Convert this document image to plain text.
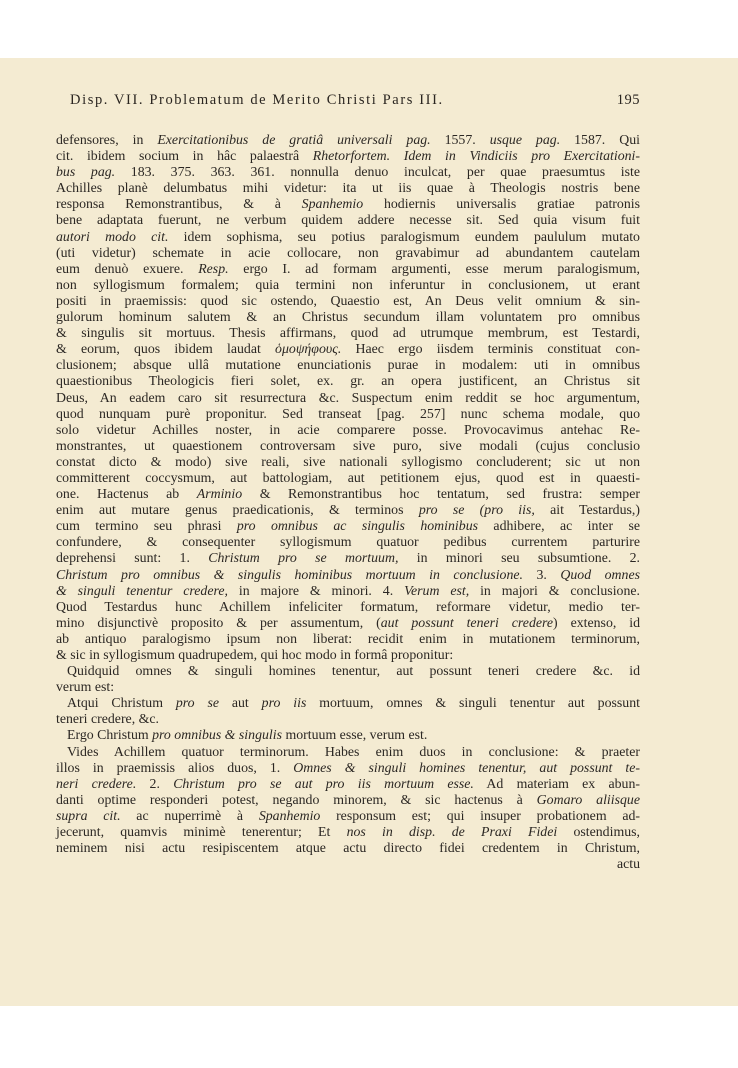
Disp. VII. Problematum de Merito Christi Pars III.	195
defensores, in Exercitationibus de gratiâ universali pag. 1557. usque pag. 1587. Qui
cit. ibidem socium in hâc palaestrâ Rhetorfortem. Idem in Vindiciis pro Exercitationi-
bus pag. 183. 375. 363. 361. nonnulla denuo inculcat, per quae praesumtus iste
Achilles planè delumbatus mihi videtur: ita ut iis quae à Theologis nostris bene
responsa Remonstrantibus, & à Spanhemio hodiernis universalis gratiae patronis
bene adaptata fuerunt, ne verbum quidem addere necesse sit. Sed quia visum fuit
autori modo cit. idem sophisma, seu potius paralogismum eundem paululum mutato
(uti videtur) schemate in acie collocare, non gravabimur ad abundantem cautelam
eum denuò exuere. Resp. ergo I. ad formam argumenti, esse merum paralogismum,
non syllogismum formalem; quia termini non inferuntur in conclusionem, ut erant
positi in praemissis: quod sic ostendo, Quaestio est, An Deus velit omnium & sin-
gulorum hominum salutem & an Christus secundum illam voluntatem pro omnibus
& singulis sit mortuus. Thesis affirmans, quod ad utrumque membrum, est Testardi,
& eorum, quos ibidem laudat ὁμοψήφους. Haec ergo iisdem terminis constituat con-
clusionem; absque ullâ mutatione enunciationis purae in modalem: uti in omnibus
quaestionibus Theologicis fieri solet, ex. gr. an opera justificent, an Christus sit
Deus, An eadem caro sit resurrectura &c. Suspectum enim reddit se hoc argumentum,
quod nunquam purè proponitur. Sed transeat [pag. 257] nunc schema modale, quo
solo videtur Achilles noster, in acie comparere posse. Provocavimus antehac Re-
monstrantes, ut quaestionem controversam sive puro, sive modali (cujus conclusio
constat dicto & modo) sive reali, sive nationali syllogismo concluderent; sic ut non
committerent coccysmum, aut battologiam, aut petitionem ejus, quod est in quaesti-
one. Hactenus ab Arminio & Remonstrantibus hoc tentatum, sed frustra: semper
enim aut mutare genus praedicationis, & terminos pro se (pro iis, ait Testardus,)
cum termino seu phrasi pro omnibus ac singulis hominibus adhibere, ac inter se
confundere, & consequenter syllogismum quatuor pedibus currentem parturire
deprehensi sunt: 1. Christum pro se mortuum, in minori seu subsumtione. 2.
Christum pro omnibus & singulis hominibus mortuum in conclusione. 3. Quod omnes
& singuli tenentur credere, in majore & minori. 4. Verum est, in majori & conclusione.
Quod Testardus hunc Achillem infeliciter formatum, reformare videtur, medio ter-
mino disjunctivè proposito & per assumentum, (aut possunt teneri credere) extenso, id
ab antiquo paralogismo ipsum non liberat: recidit enim in mutationem terminorum,
& sic in syllogismum quadrupedem, qui hoc modo in formâ proponitur:
Quidquid omnes & singuli homines tenentur, aut possunt teneri credere &c. id
verum est:
Atqui Christum pro se aut pro iis mortuum, omnes & singuli tenentur aut possunt
teneri credere, &c.
Ergo Christum pro omnibus & singulis mortuum esse, verum est.
Vides Achillem quatuor terminorum. Habes enim duos in conclusione: & praeter
illos in praemissis alios duos, 1. Omnes & singuli homines tenentur, aut possunt te-
neri credere. 2. Christum pro se aut pro iis mortuum esse. Ad materiam ex abun-
danti optime responderi potest, negando minorem, & sic hactenus à Gomaro aliisque
supra cit. ac nuperrimè à Spanhemio responsum est; qui insuper probationem ad-
jecerunt, quamvis minimè tenerentur; Et nos in disp. de Praxi Fidei ostendimus,
neminem nisi actu resipiscentem atque actu directo fidei credentem in Christum,
actu
